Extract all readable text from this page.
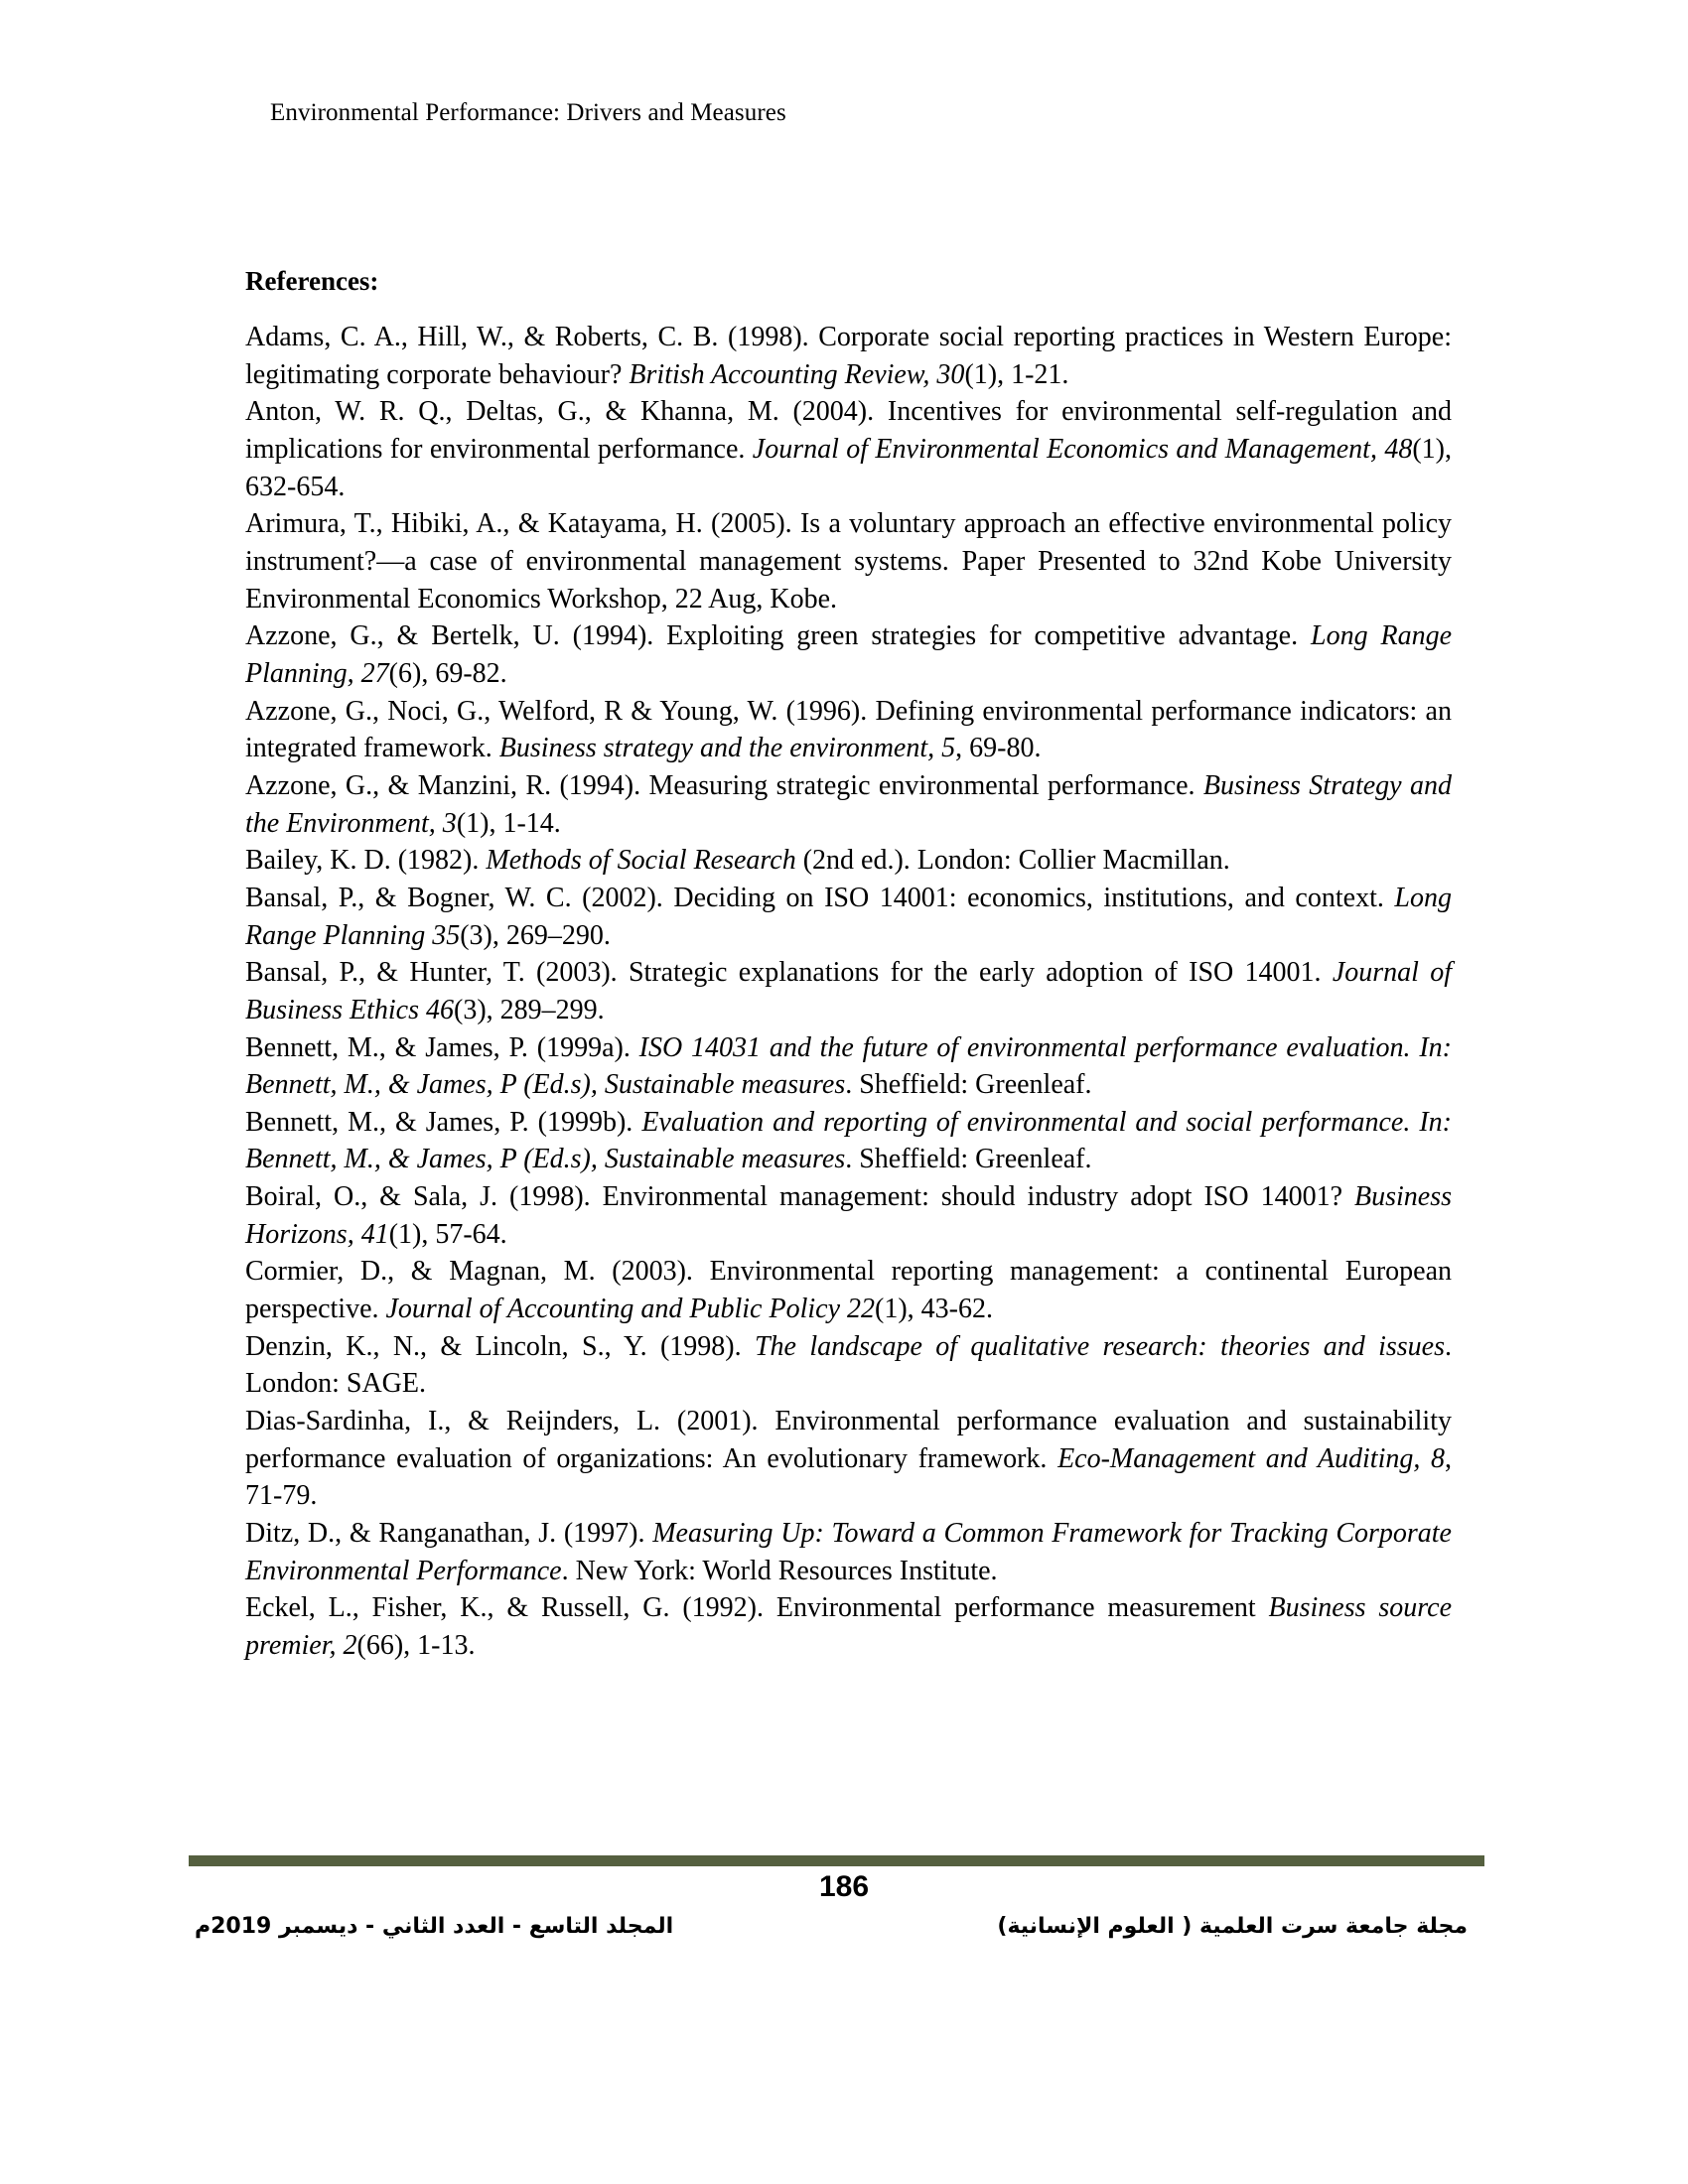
Environmental Performance: Drivers and Measures
References:

Adams, C. A., Hill, W., & Roberts, C. B. (1998). Corporate social reporting practices in Western Europe: legitimating corporate behaviour? British Accounting Review, 30(1), 1-21.

Anton, W. R. Q., Deltas, G., & Khanna, M. (2004). Incentives for environmental self-regulation and implications for environmental performance. Journal of Environmental Economics and Management, 48(1), 632-654.

Arimura, T., Hibiki, A., & Katayama, H. (2005). Is a voluntary approach an effective environmental policy instrument?—a case of environmental management systems. Paper Presented to 32nd Kobe University Environmental Economics Workshop, 22 Aug, Kobe.

Azzone, G., & Bertelk, U. (1994). Exploiting green strategies for competitive advantage. Long Range Planning, 27(6), 69-82.

Azzone, G., Noci, G., Welford, R & Young, W. (1996). Defining environmental performance indicators: an integrated framework. Business strategy and the environment, 5, 69-80.

Azzone, G., & Manzini, R. (1994). Measuring strategic environmental performance. Business Strategy and the Environment, 3(1), 1-14.

Bailey, K. D. (1982). Methods of Social Research (2nd ed.). London: Collier Macmillan.

Bansal, P., & Bogner, W. C. (2002). Deciding on ISO 14001: economics, institutions, and context. Long Range Planning 35(3), 269–290.

Bansal, P., & Hunter, T. (2003). Strategic explanations for the early adoption of ISO 14001. Journal of Business Ethics 46(3), 289–299.

Bennett, M., & James, P. (1999a). ISO 14031 and the future of environmental performance evaluation. In: Bennett, M., & James, P (Ed.s), Sustainable measures. Sheffield: Greenleaf.

Bennett, M., & James, P. (1999b). Evaluation and reporting of environmental and social performance. In: Bennett, M., & James, P (Ed.s), Sustainable measures. Sheffield: Greenleaf.

Boiral, O., & Sala, J. (1998). Environmental management: should industry adopt ISO 14001? Business Horizons, 41(1), 57-64.

Cormier, D., & Magnan, M. (2003). Environmental reporting management: a continental European perspective. Journal of Accounting and Public Policy 22(1), 43-62.

Denzin, K., N., & Lincoln, S., Y. (1998). The landscape of qualitative research: theories and issues. London: SAGE.

Dias-Sardinha, I., & Reijnders, L. (2001). Environmental performance evaluation and sustainability performance evaluation of organizations: An evolutionary framework. Eco-Management and Auditing, 8, 71-79.

Ditz, D., & Ranganathan, J. (1997). Measuring Up: Toward a Common Framework for Tracking Corporate Environmental Performance. New York: World Resources Institute.

Eckel, L., Fisher, K., & Russell, G. (1992). Environmental performance measurement Business source premier, 2(66), 1-13.

186
مجلة جامعة سرت العلمية ( العلوم الإنسانية)
المجلد التاسع - العدد الثاني - ديسمبر 2019م
